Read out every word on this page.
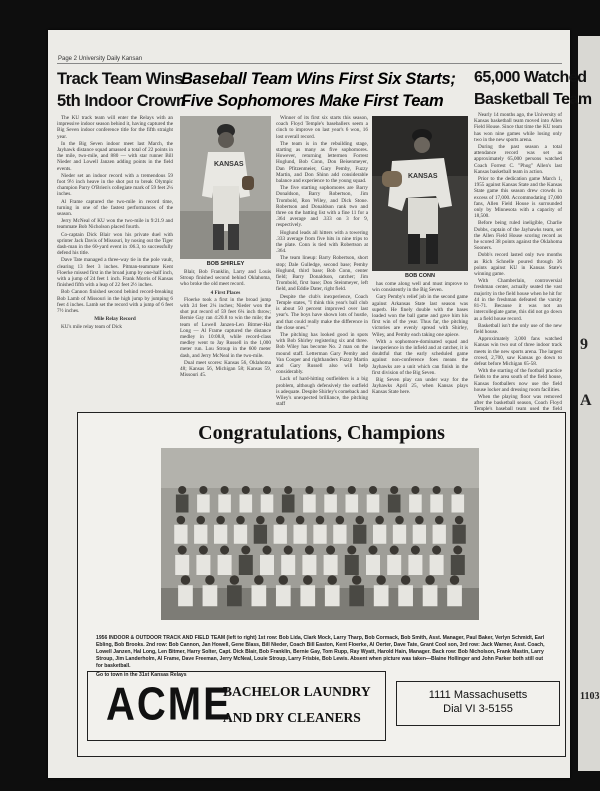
9
A
1103
Page 2 University Daily Kansan
Track Team Wins
5th Indoor Crown
Baseball Team Wins First Six Starts;
Five Sophomores Make First Team
65,000 Watched
Basketball Team

The KU track team will enter the Relays with an impressive indoor season behind it, having captured the Big Seven indoor conference title for the fifth straight year.

In the Big Seven indoor meet last March, the Jayhawk distance squad amassed a total of 22 points in the mile, two-mile, and 880 — with star runner Bill Nieder and Lowell Janzen adding points in the field events.

Nieder set an indoor record with a tremendous 59 foot 9½ inch heave in the shot put to break Olympic champion Parry O'Brien's collegiate mark of 59 feet 2¼ inches.

Al Frame captured the two-mile in record time, turning in one of the fastest performances of the season.

Jerry McNeal of KU won the two-mile in 9:21.9 and teammate Bob Nicholson placed fourth.

Co-captain Dick Blair won his private duel with sprinter Jack Davis of Missouri, by nosing out the Tiger dash-man in the 60-yard event in :06.3, to successfully defend his title.

Dave Tate managed a three-way tie in the pole vault, clearing 13 feet 3 inches. Pitman-teammate Kent Floerke missed first in the broad jump by one-half inch, with a jump of 24 feet 1 inch. Frank Morris of Kansas finished fifth with a leap of 22 feet 2½ inches.

Bob Cannon finished second behind record-breaking Bob Lamb of Missouri in the high jump by jumping 6 feet 4 inches. Lamb set the record with a jump of 6 feet 7½ inches.

Mile Relay Record

KU's mile relay team of Dick

KANSAS
BOB SHIRLEY

Blair, Bob Franklin, Larry and Louis Stroup finished second behind Oklahoma, who broke the old meet record.

4 First Places

Floerke took a first in the broad jump with 24 feet 2¼ inches; Nieder won the shot put record of 59 feet 6¼ inch throw; Bernie Gay ran 4:20.8 to win the mile; the team of Lowell Janzen-Len Bitmer-Hal Long — Al Frame captured the distance medley in 10:08.8, while record-class medley went to Jay Russell in the 1,000 meter run. Lou Stroup in the 600 meter dash, and Jerry McNeal in the two-mile.

Dual meet scores: Kansas 56, Oklahoma 48; Kansas 56, Michigan 58; Kansas 59, Missouri 45.

Winner of its first six starts this season, coach Floyd Temple's baseballers seem a cinch to improve on last year's 6 won, 16 lost overall record.

The team is in the rebuilding stage, starting as many as five sophomores. However, returning lettermen Forrest Hoglund, Bob Conn, Don Beisenmeyer, Dan Pfitzenmeier, Gary Pemby, Fuzzy Martin, and Don Shinn add considerable balance and experience to the young squad.

The five starting sophomores are Barry Donaldson, Barry Robertson, Jim Trombold, Ron Wiley, and Dick Stone. Robertson and Donaldson rank two and three on the batting list with a fine 11 for a .364 average and .333 on 3 for 9, respectively.

Hoglund leads all hitters with a towering .333 average from five hits in nine trips to the plate. Conn is tied with Robertson at .364.

The team lineup: Barry Robertson, short stop; Dale Gulledge, second base; Pemby Hoglund, third base; Bob Conn, center field; Barry Donaldson, catcher; Jim Trombold, first base; Don Steinmeyer, left field, and Eddie Dater, right field.

Despite the club's inexperience, Coach Temple states, "I think this year's ball club is about 50 percent improved over last year's. The boys have shown lots of hustle, and that could really make the difference in the close ones."

The pitching has looked good in spots with Bob Shirley registering six and three. Bob Wiley has become No. 2 man on the mound staff. Letterman Gary Pemby and Van Cooper and righthanders Fuzzy Martin and Gary Russell also will help considerably.

Lack of hard-hitting outfielders is a big problem, although defensively the outfield is adequate. Despite Shirley's comeback and Wiley's unexpected brilliance, the pitching staff

KANSAS
BOB CONN

has come along well and must improve to win consistently in the Big Seven.

Gary Pemby's relief job in the second game against Arkansas State last season was superb. He finely double with the bases loaded won the ball game and gave him his first win of the year. Thus far, the pitching victories are evenly spread with Shirley, Wiley, and Pemby each taking one apiece.

With a sophomore-dominated squad and inexperience in the infield and at catcher, it is doubtful that the early scheduled game against non-conference foes means the Jayhawks are a unit which can finish in the first division of the Big Seven.

Big Seven play can under way for the Jayhawks April 25, when Kansas plays Kansas State here.

Nearly 14 months ago, the University of Kansas basketball team moved into Allen Field House. Since that time the KU team has won nine games while losing only two in the new sports arena.

During the past season a total attendance record was set as approximately 65,000 persons watched Coach Forrest C. "Phog" Allen's last Kansas basketball team in action.

Prior to the dedication game March 1, 1955 against Kansas State and the Kansas State game this season drew crowds in excess of 17,000. Accommodating 17,000 fans, Allen Field House is surrounded only by Minnesota with a capacity of 18,500.

Before being ruled ineligible, Charlie Dobbs, captain of the Jayhawks team, set the Allen Field House scoring record as he scored 38 points against the Oklahoma Sooners.

Dobb's record lasted only two months as Rich Schnelle poured through 36 points against KU in Kansas State's winning game.

With Chamberlain, controversial freshman center, actually seated the vast majority in the field house when he hit for 44 in the freshman defeated the varsity 81-71. Because it was not an intercollegiate game, this did not go down as a field house record.

Basketball isn't the only use of the new field house.

Approximately 3,000 fans watched Kansas win two out of three indoor track meets in the new sports arena. The largest crowd, 2,700, saw Kansas go down to defeat before Michigan 65-58.

With the starting of the football practice fields to the area south of the field house, Kansas footballers now use the field house locker and dressing room facilities.

When the playing floor was removed after the basketball season, Coach Floyd Temple's baseball team used the field

Congratulations, Champions
1956 INDOOR & OUTDOOR TRACK AND FIELD TEAM (left to right) 1st row: Bob Lida, Clark Mock, Larry Tharp, Bob Cormack, Bob Smith, Asst. Manager, Paul Baker, Verlyn Schmidt, Earl Ebling, Bob Brooks. 2nd row: Bob Cannon, Jan Howell, Gene Blass, Bill Nieder, Coach Bill Easton, Kent Floerke, Al Oerter, Dave Tate, Grant Cool son, 3rd row: Jack Warner, Asst. Coach, Lowell Janzen, Hal Long, Len Bitmer, Harry Solter, Capt. Dick Blair, Bob Franklin, Bernie Gay, Tom Rupp, Ray Wyatt, Harold Hain, Manager. Back row: Bob Nicholson, Frank Mastin, Larry Stroup, Jim Landerholm, Al Frame, Dave Freeman, Jerry McNeal, Louie Stroup, Larry Frisbie, Bob Lewis. Absent when picture was taken—Blaine Hollinger and John Parker both still out for basketball.
Go to town in the 31st Kansas Relays
ACME
BACHELOR LAUNDRY
AND DRY CLEANERS
1111 Massachusetts
Dial VI 3-5155
